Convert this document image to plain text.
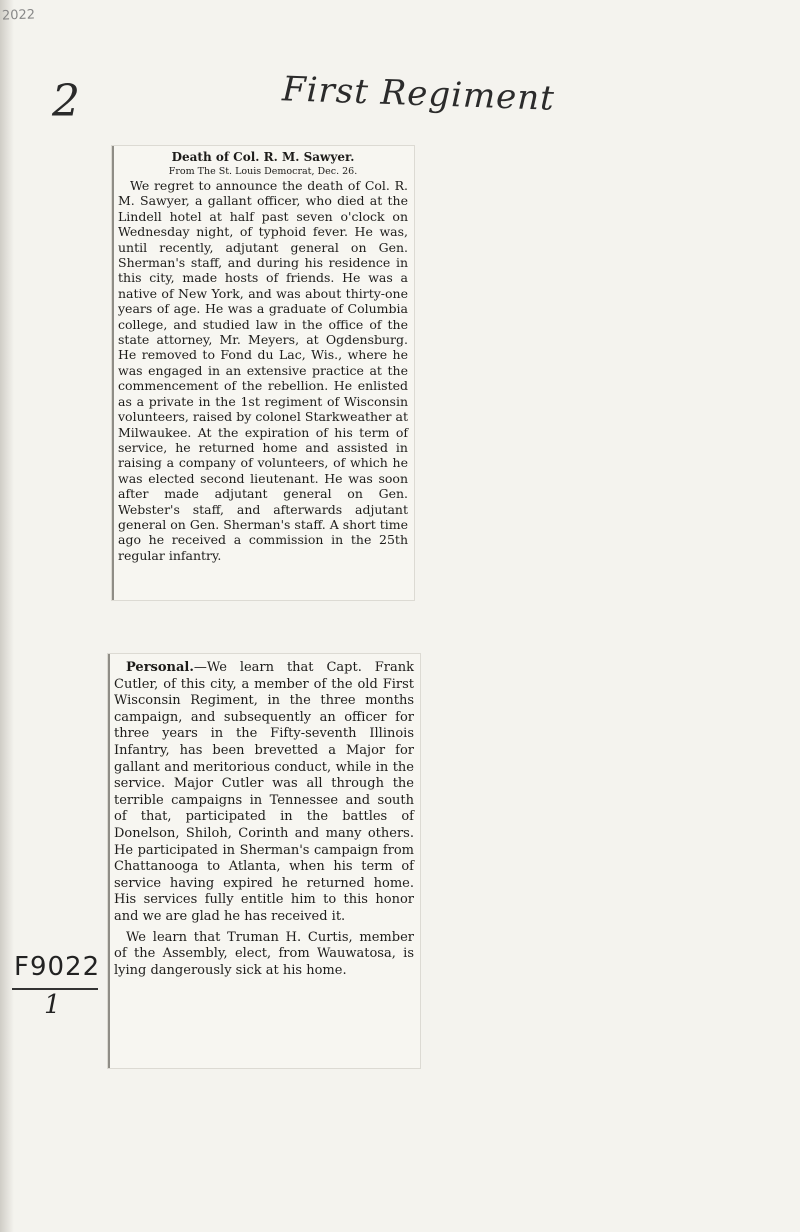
2022
2	First Regiment

Death of Col. R. M. Sawyer.

From The St. Louis Democrat, Dec. 26.

We regret to announce the death of Col. R. M. Sawyer, a gallant officer, who died at the Lindell hotel at half past seven o'clock on Wednesday night, of typhoid fever. He was, until recently, adjutant general on Gen. Sherman's staff, and during his residence in this city, made hosts of friends. He was a native of New York, and was about thirty-one years of age. He was a graduate of Columbia college, and studied law in the office of the state attorney, Mr. Meyers, at Ogdensburg. He removed to Fond du Lac, Wis., where he was engaged in an extensive practice at the commencement of the rebellion. He enlisted as a private in the 1st regiment of Wisconsin volunteers, raised by colonel Starkweather at Milwaukee. At the expiration of his term of service, he returned home and assisted in raising a company of volunteers, of which he was elected second lieutenant. He was soon after made adjutant general on Gen. Webster's staff, and afterwards adjutant general on Gen. Sherman's staff. A short time ago he received a commission in the 25th regular infantry.

Personal.—We learn that Capt. Frank Cutler, of this city, a member of the old First Wisconsin Regiment, in the three months campaign, and subsequently an officer for three years in the Fifty-seventh Illinois Infantry, has been brevetted a Major for gallant and meritorious conduct, while in the service. Major Cutler was all through the terrible campaigns in Tennessee and south of that, participated in the battles of Donelson, Shiloh, Corinth and many others. He participated in Sherman's campaign from Chattanooga to Atlanta, when his term of service having expired he returned home. His services fully entitle him to this honor and we are glad he has received it.

We learn that Truman H. Curtis, member of the Assembly, elect, from Wauwatosa, is lying dangerously sick at his home.

F9022
1
